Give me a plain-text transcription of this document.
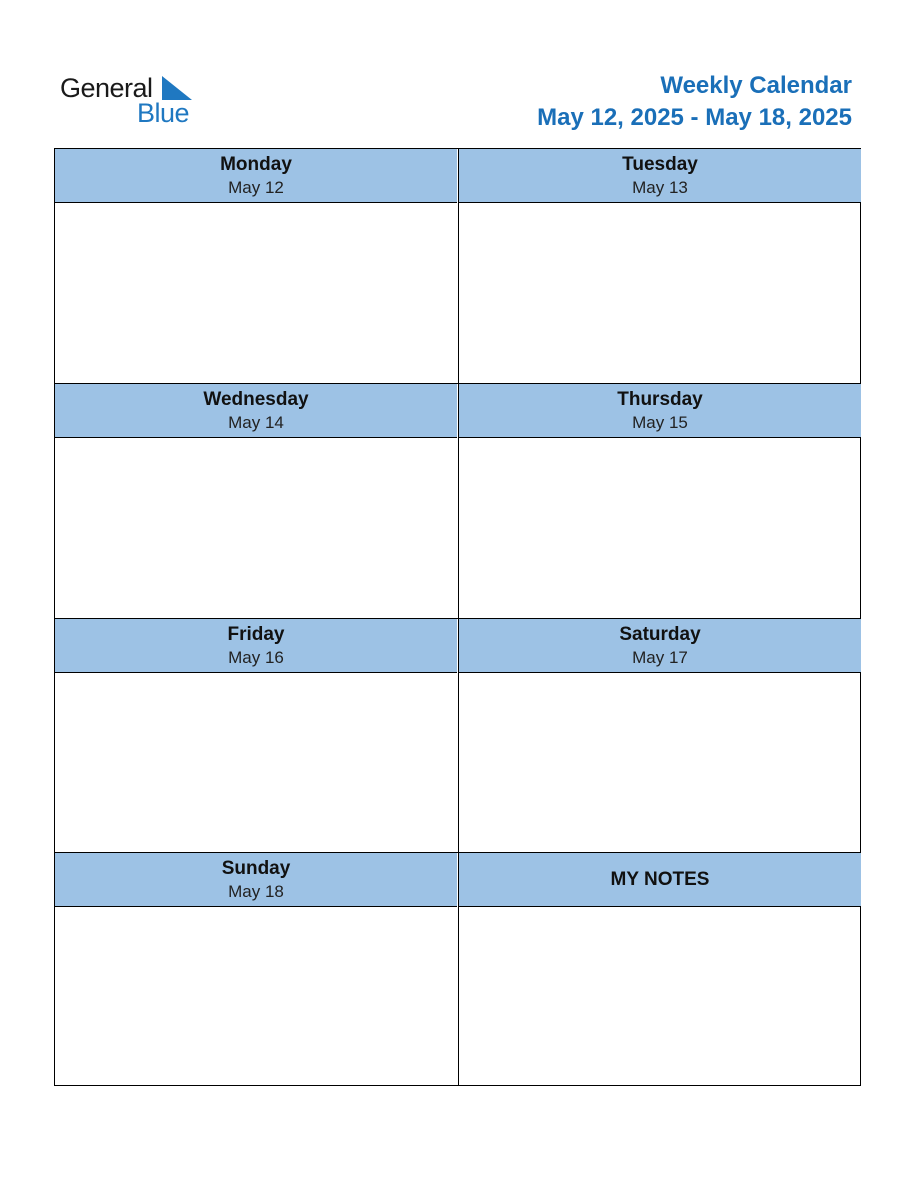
General
Blue
Weekly Calendar
May 12, 2025 - May 18, 2025
Monday
May 12
Tuesday
May 13
Wednesday
May 14
Thursday
May 15
Friday
May 16
Saturday
May 17
Sunday
May 18
MY NOTES
